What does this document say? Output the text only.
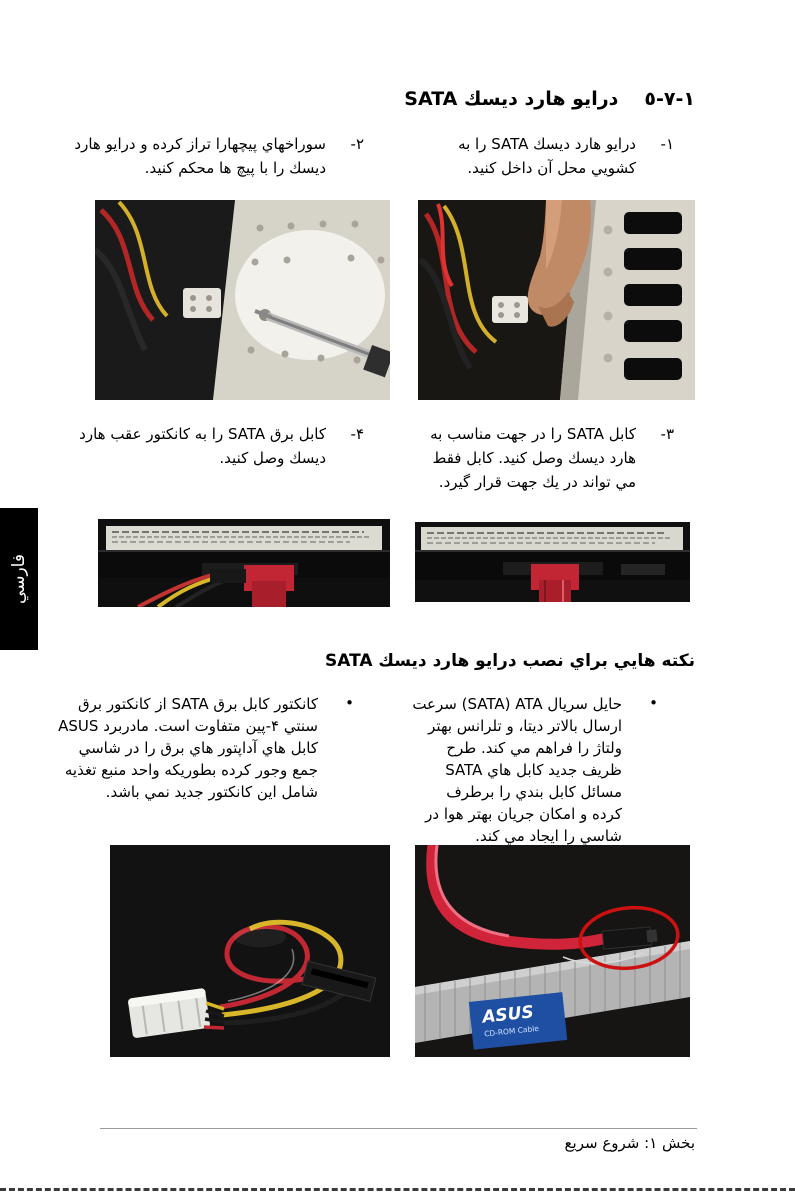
١-٧-٥درايو هارد ديسك SATA
١-
درايو هارد ديسك SATA را به كشويي محل آن داخل كنيد.
٢-
سوراخهاي پيچهارا تراز كرده و درايو هارد ديسك را با پيچ ها محكم كنيد.
٣-
كابل SATA را در جهت مناسب به هارد ديسك وصل كنيد. كابل فقط مي تواند در يك جهت قرار گيرد.
۴-
كابل برق SATA را به كانكتور عقب هارد ديسك وصل كنيد.
فارسي
نكته هايي براي نصب درايو هارد ديسك SATA
•
حايل سريال ‎(SATA) ATA سرعت ارسال بالاتر ديتا، و تلرانس بهتر ولتاژ را فراهم مي كند. طرح ظريف جديد كابل هاي SATA مسائل كابل بندي را برطرف كرده و امكان جريان بهتر هوا در شاسي را ايجاد مي كند.
•
كانكتور كابل برق SATA از كانكتور برق سنتي ۴-پين متفاوت است. مادربرد ASUS كابل هاي آداپتور هاي برق را در شاسي جمع وجور كرده بطوريكه واحد منبع تغذيه شامل اين كانكتور جديد نمي باشد.
ASUS
CD-ROM Cable
بخش ١: شروع سريع
